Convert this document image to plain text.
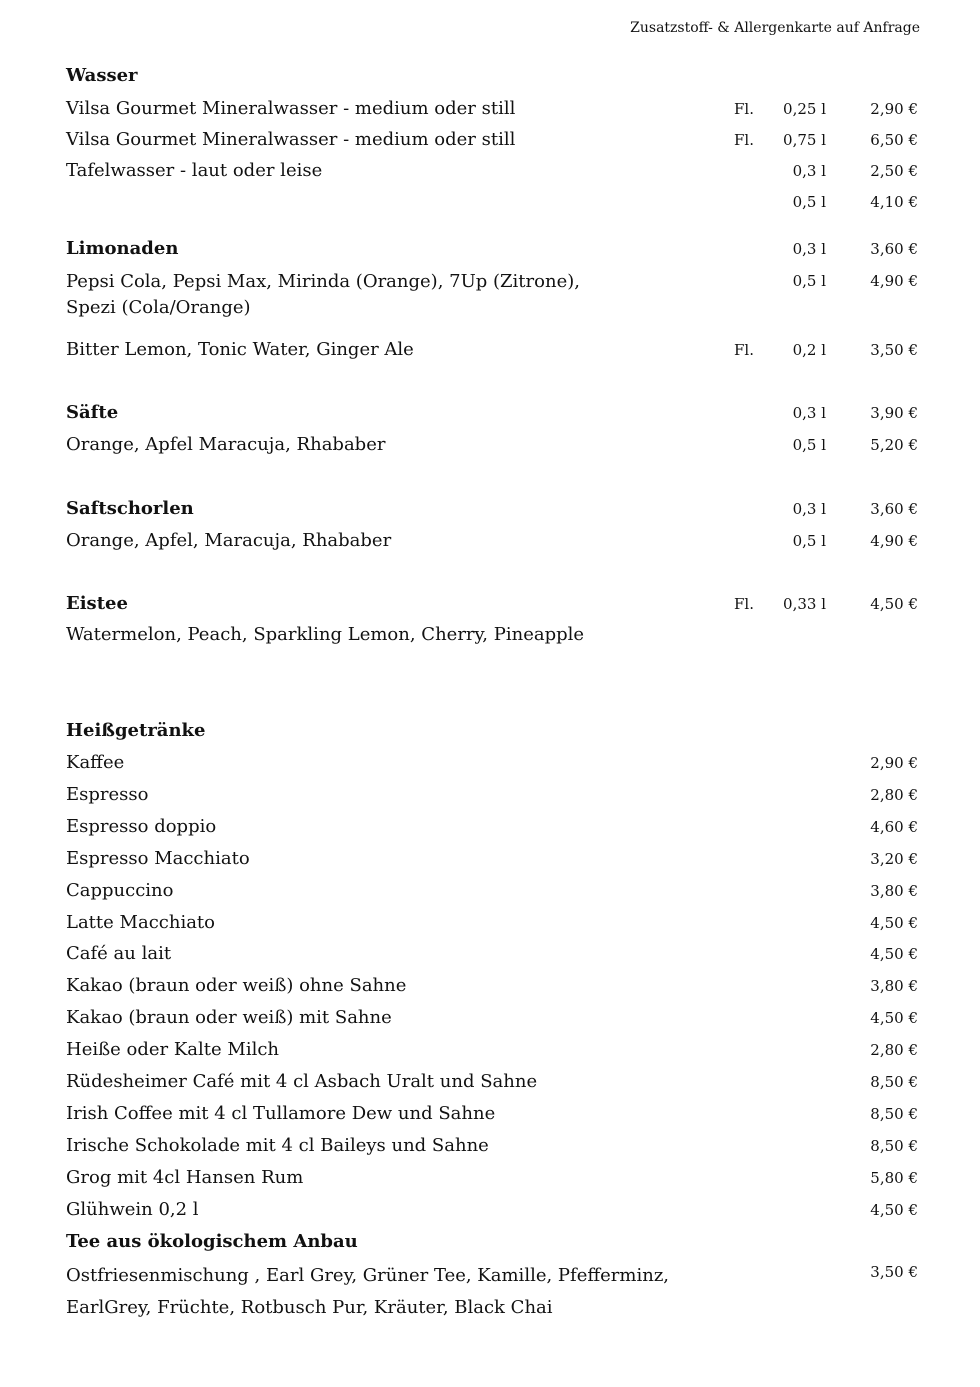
Zusatzstoff- & Allergenkarte auf Anfrage
Wasser
Vilsa Gourmet Mineralwasser - medium oder still	Fl. 0,25 l	2,90 €
Vilsa Gourmet Mineralwasser - medium oder still	Fl. 0,75 l	6,50 €
Tafelwasser - laut oder leise	0,3 l	2,50 €
0,5 l	4,10 €
Limonaden	0,3 l	3,60 €
Pepsi Cola, Pepsi Max, Mirinda (Orange), 7Up (Zitrone),
Spezi (Cola/Orange)
0,5 l	4,90 €
Bitter Lemon, Tonic Water, Ginger Ale	Fl.	0,2 l	3,50 €
Säfte	0,3 l	3,90 €
Orange, Apfel Maracuja, Rhababer	0,5 l	5,20 €
Saftschorlen	0,3 l	3,60 €
Orange, Apfel, Maracuja, Rhababer	0,5 l	4,90 €
Eistee	Fl. 0,33 l	4,50 €
Watermelon, Peach, Sparkling Lemon, Cherry, Pineapple
Heißgetränke
Kaffee	2,90 €
Espresso	2,80 €
Espresso doppio	4,60 €
Espresso Macchiato	3,20 €
Cappuccino	3,80 €
Latte Macchiato	4,50 €
Café au lait	4,50 €
Kakao (braun oder weiß) ohne Sahne	3,80 €
Kakao (braun oder weiß) mit Sahne	4,50 €
Heiße oder Kalte Milch	2,80 €
Rüdesheimer Café mit 4 cl Asbach Uralt und Sahne	8,50 €
Irish Coffee mit 4 cl Tullamore Dew und Sahne	8,50 €
Irische Schokolade mit 4 cl Baileys und Sahne	8,50 €
Grog mit 4cl Hansen Rum	5,80 €
Glühwein 0,2 l	4,50 €
Tee aus ökologischem Anbau
Ostfriesenmischung , Earl Grey, Grüner Tee, Kamille, Pfefferminz,
EarlGrey, Früchte, Rotbusch Pur, Kräuter, Black Chai
3,50 €
